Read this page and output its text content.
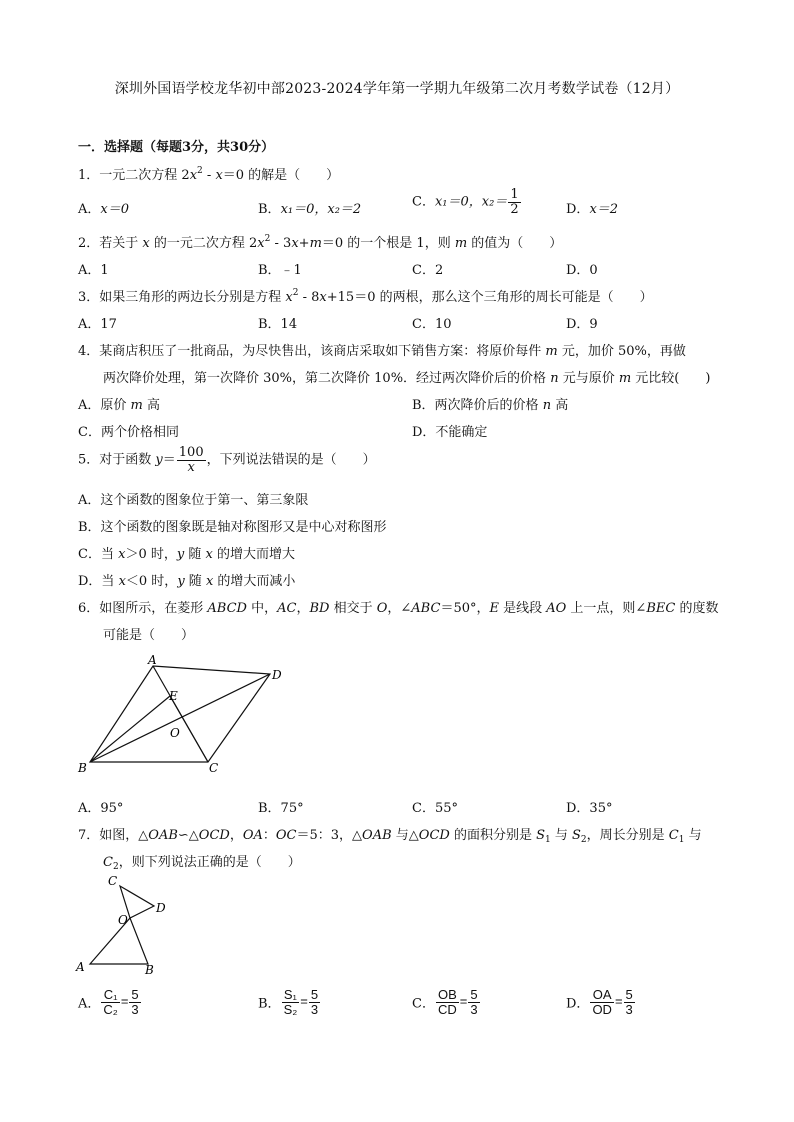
深圳外国语学校龙华初中部2023-2024学年第一学期九年级第二次月考数学试卷（12月）
一．选择题（每题3分，共30分）
1．一元二次方程 $2x^2 - x=0$ 的解是（　　）
A．x＝0	B．x₁＝0，x₂＝2	C．x₁＝0，$x_2= \frac{1}{2}$	D．x＝2
2．若关于 x 的一元二次方程 $2x^2 - 3x+m=0$ 的一个根是 1，则 m 的值为（　　）
A．1	B．﹣1	C．2	D．0
3．如果三角形的两边长分别是方程 $x^2 - 8x+15=0$ 的两根，那么这个三角形的周长可能是（　　）
A．17	B．14	C．10	D．9
4．某商店积压了一批商品，为尽快售出，该商店采取如下销售方案：将原价每件 m 元，加价 50%，再做
两次降价处理，第一次降价 30%，第二次降价 10%．经过两次降价后的价格 n 元与原价 m 元比较(　　)
A．原价 m 高	B．两次降价后的价格 n 高
C．两个价格相同	D．不能确定
5．对于函数 $y= \frac{100}{x}$ ，下列说法错误的是（　　）
A．这个函数的图象位于第一、第三象限
B．这个函数的图象既是轴对称图形又是中心对称图形
C．当 x＞0 时，y 随 x 的增大而增大
D．当 x＜0 时，y 随 x 的增大而减小
6．如图所示，在菱形 ABCD 中，AC，BD 相交于 O，∠ABC＝50°，E 是线段 AO 上一点，则∠BEC 的度数
可能是（　　）
A
D
E
O
B	C
A．95°	B．75°	C．55°	D．35°
7．如图，△OAB∽△OCD，OA：OC＝5：3，△OAB 与△OCD 的面积分别是 $S_1$ 与 $S_2$，周长分别是 $C_1$ 与
$C_2$，则下列说法正确的是（　　）
C
O
D
A	B
A． $\frac{\text{C₁}}{\text{C₂}} = \frac{5}{3}$	B． $\frac{\text{S₁}}{\text{S₂}} = \frac{5}{3}$	C． $\frac{OB}{CD} = \frac{5}{3}$	D． $\frac{OA}{OD} = \frac{5}{3}$
